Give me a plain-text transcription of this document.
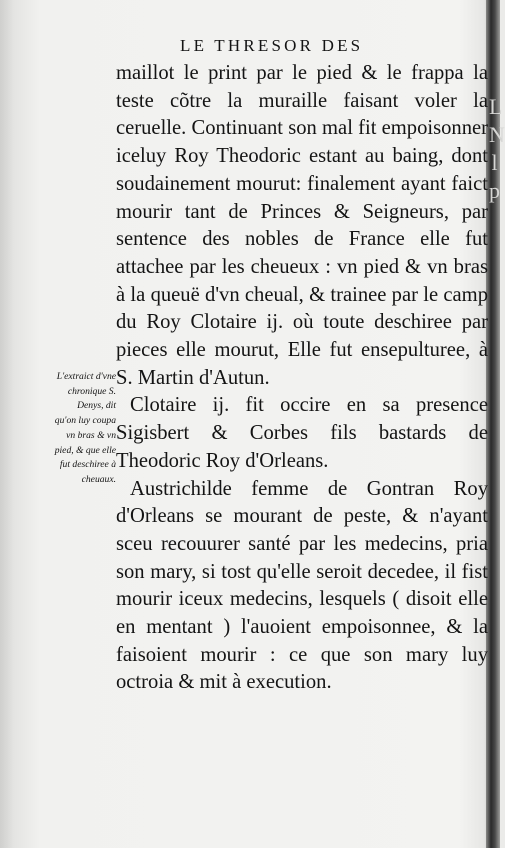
L
N
l
p
LE THRESOR DES
L'extraict d'vne chronique S. Denys, dit qu'on luy coupa vn bras & vn pied, & que elle fut deschiree à cheuaux.

maillot le print par le pied & le frappa la teste cõtre la muraille faisant voler la ceruelle. Continuant son mal fit empoisonner iceluy Roy Theodoric estant au baing, dont soudainement mourut: finalement ayant faict mourir tant de Princes & Seigneurs, par sentence des nobles de France elle fut attachee par les cheueux : vn pied & vn bras à la queuë d'vn cheual, & trainee par le camp du Roy Clotaire ij. où toute deschiree par pieces elle mourut, Elle fut ensepulturee, à S. Martin d'Autun.

Clotaire ij. fit occire en sa presence Sigisbert & Corbes fils bastards de Theodoric Roy d'Orleans.

Austrichilde femme de Gontran Roy d'Orleans se mourant de peste, & n'ayant sceu recouurer santé par les medecins, pria son mary, si tost qu'elle seroit decedee, il fist mourir iceux medecins, lesquels ( disoit elle en mentant ) l'auoient empoisonnee, & la faisoient mourir : ce que son mary luy octroia & mit à execution.
